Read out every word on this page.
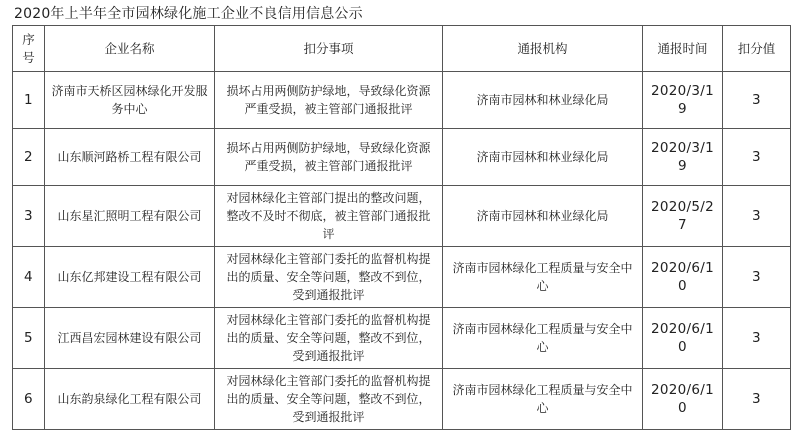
2020年上半年全市园林绿化施工企业不良信用信息公示
序号	企业名称	扣分事项	通报机构	通报时间	扣分值
1	济南市天桥区园林绿化开发服务中心	损坏占用两侧防护绿地，导致绿化资源严重受损，被主管部门通报批评	济南市园林和林业绿化局	2020/3/19	3
2	山东顺河路桥工程有限公司	损坏占用两侧防护绿地，导致绿化资源严重受损，被主管部门通报批评	济南市园林和林业绿化局	2020/3/19	3
3	山东星汇照明工程有限公司	对园林绿化主管部门提出的整改问题，整改不及时不彻底，被主管部门通报批评	济南市园林和林业绿化局	2020/5/27	3
4	山东亿邦建设工程有限公司	对园林绿化主管部门委托的监督机构提出的质量、安全等问题，整改不到位，受到通报批评	济南市园林绿化工程质量与安全中心	2020/6/10	3
5	江西昌宏园林建设有限公司	对园林绿化主管部门委托的监督机构提出的质量、安全等问题，整改不到位，受到通报批评	济南市园林绿化工程质量与安全中心	2020/6/10	3
6	山东韵泉绿化工程有限公司	对园林绿化主管部门委托的监督机构提出的质量、安全等问题，整改不到位，受到通报批评	济南市园林绿化工程质量与安全中心	2020/6/10	3
